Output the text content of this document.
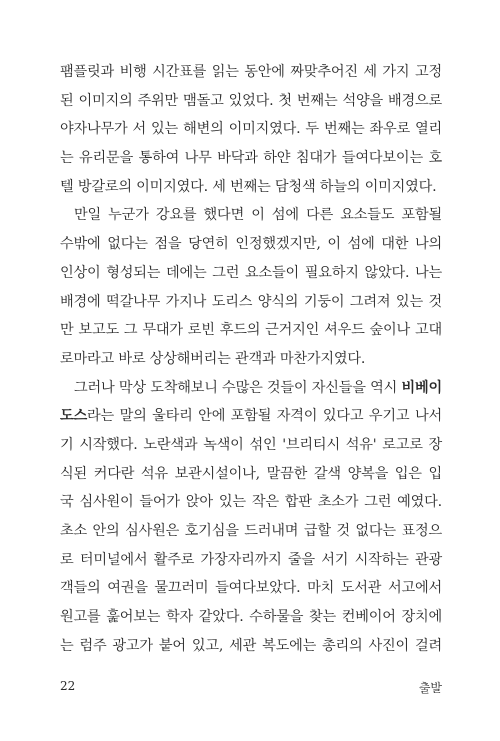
팸플릿과 비행 시간표를 읽는 동안에 짜맞추어진 세 가지 고정
된 이미지의 주위만 맴돌고 있었다. 첫 번째는 석양을 배경으로
야자나무가 서 있는 해변의 이미지였다. 두 번째는 좌우로 열리
는 유리문을 통하여 나무 바닥과 하얀 침대가 들여다보이는 호
텔 방갈로의 이미지였다. 세 번째는 담청색 하늘의 이미지였다.
만일 누군가 강요를 했다면 이 섬에 다른 요소들도 포함될
수밖에 없다는 점을 당연히 인정했겠지만, 이 섬에 대한 나의
인상이 형성되는 데에는 그런 요소들이 필요하지 않았다. 나는
배경에 떡갈나무 가지나 도리스 양식의 기둥이 그려져 있는 것
만 보고도 그 무대가 로빈 후드의 근거지인 셔우드 숲이나 고대
로마라고 바로 상상해버리는 관객과 마찬가지였다.
그러나 막상 도착해보니 수많은 것들이 자신들을 역시 비베이
도스라는 말의 울타리 안에 포함될 자격이 있다고 우기고 나서
기 시작했다. 노란색과 녹색이 섞인 '브리티시 석유' 로고로 장
식된 커다란 석유 보관시설이나, 말끔한 갈색 양복을 입은 입
국 심사원이 들어가 앉아 있는 작은 합판 초소가 그런 예였다.
초소 안의 심사원은 호기심을 드러내며 급할 것 없다는 표정으
로 터미널에서 활주로 가장자리까지 줄을 서기 시작하는 관광
객들의 여권을 물끄러미 들여다보았다. 마치 도서관 서고에서
원고를 훑어보는 학자 같았다. 수하물을 찾는 컨베이어 장치에
는 럼주 광고가 붙어 있고, 세관 복도에는 총리의 사진이 걸려
22	출발
